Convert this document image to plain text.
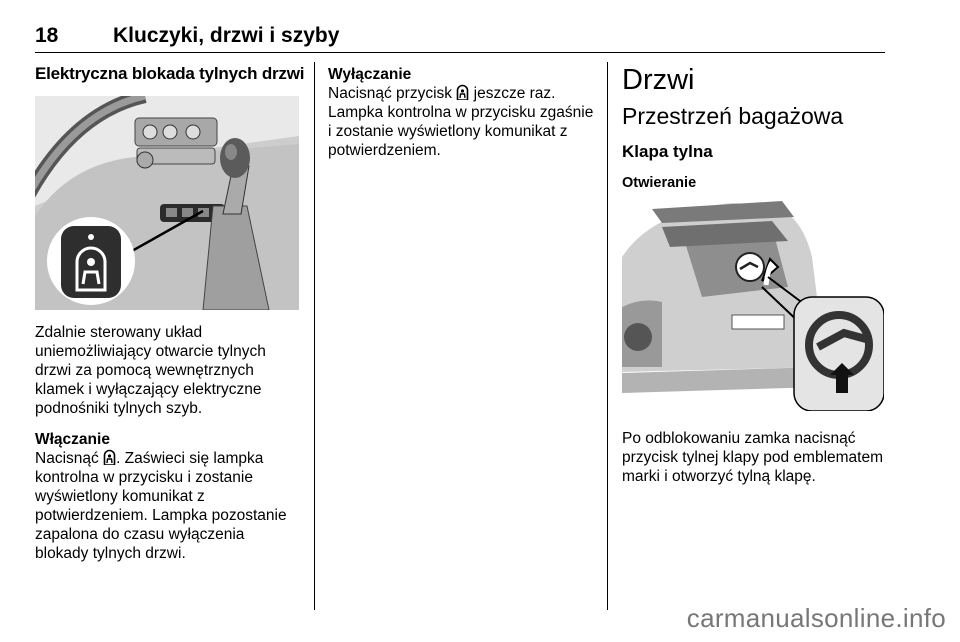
18	Kluczyki, drzwi i szyby
Elektryczna blokada tylnych drzwi

Zdalnie sterowany układ uniemożliwiający otwarcie tylnych drzwi za pomocą wewnętrznych klamek i wyłączający elektryczne podnośniki tylnych szyb.

Włączanie

Nacisnąć . Zaświeci się lampka kontrolna w przycisku i zostanie wyświetlony komunikat z potwierdzeniem. Lampka pozostanie zapalona do czasu wyłączenia blokady tylnych drzwi.

Wyłączanie

Nacisnąć przycisk  jeszcze raz. Lampka kontrolna w przycisku zgaśnie i zostanie wyświetlony komunikat z potwierdzeniem.

Drzwi
Przestrzeń bagażowa
Klapa tylna
Otwieranie

Po odblokowaniu zamka nacisnąć przycisk tylnej klapy pod emblematem marki i otworzyć tylną klapę.

carmanualsonline.info
